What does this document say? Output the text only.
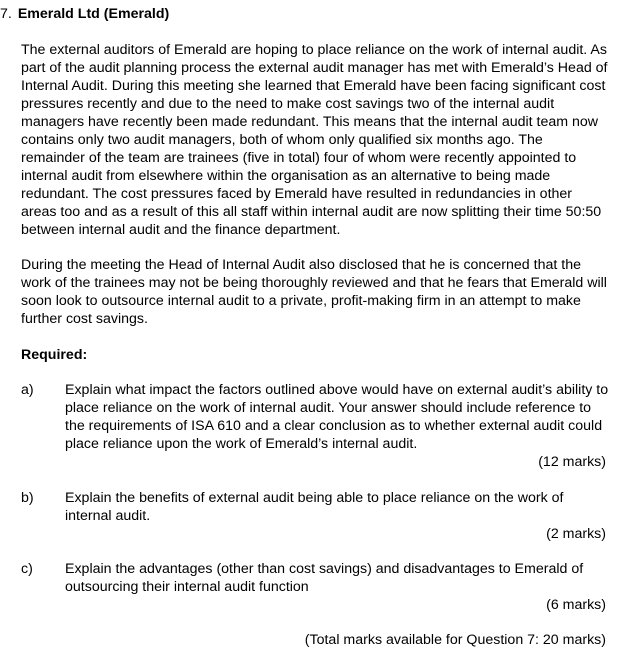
7. Emerald Ltd (Emerald)

The external auditors of Emerald are hoping to place reliance on the work of internal audit. As part of the audit planning process the external audit manager has met with Emerald’s Head of Internal Audit. During this meeting she learned that Emerald have been facing significant cost pressures recently and due to the need to make cost savings two of the internal audit managers have recently been made redundant. This means that the internal audit team now contains only two audit managers, both of whom only qualified six months ago. The remainder of the team are trainees (five in total) four of whom were recently appointed to internal audit from elsewhere within the organisation as an alternative to being made redundant. The cost pressures faced by Emerald have resulted in redundancies in other areas too and as a result of this all staff within internal audit are now splitting their time 50:50 between internal audit and the finance department.

During the meeting the Head of Internal Audit also disclosed that he is concerned that the work of the trainees may not be being thoroughly reviewed and that he fears that Emerald will soon look to outsource internal audit to a private, profit-making firm in an attempt to make further cost savings.

Required:
a) Explain what impact the factors outlined above would have on external audit’s ability to place reliance on the work of internal audit. Your answer should include reference to the requirements of ISA 610 and a clear conclusion as to whether external audit could place reliance upon the work of Emerald’s internal audit.

(12 marks)
b) Explain the benefits of external audit being able to place reliance on the work of internal audit.

(2 marks)
c) Explain the advantages (other than cost savings) and disadvantages to Emerald of outsourcing their internal audit function

(6 marks)
(Total marks available for Question 7: 20 marks)
